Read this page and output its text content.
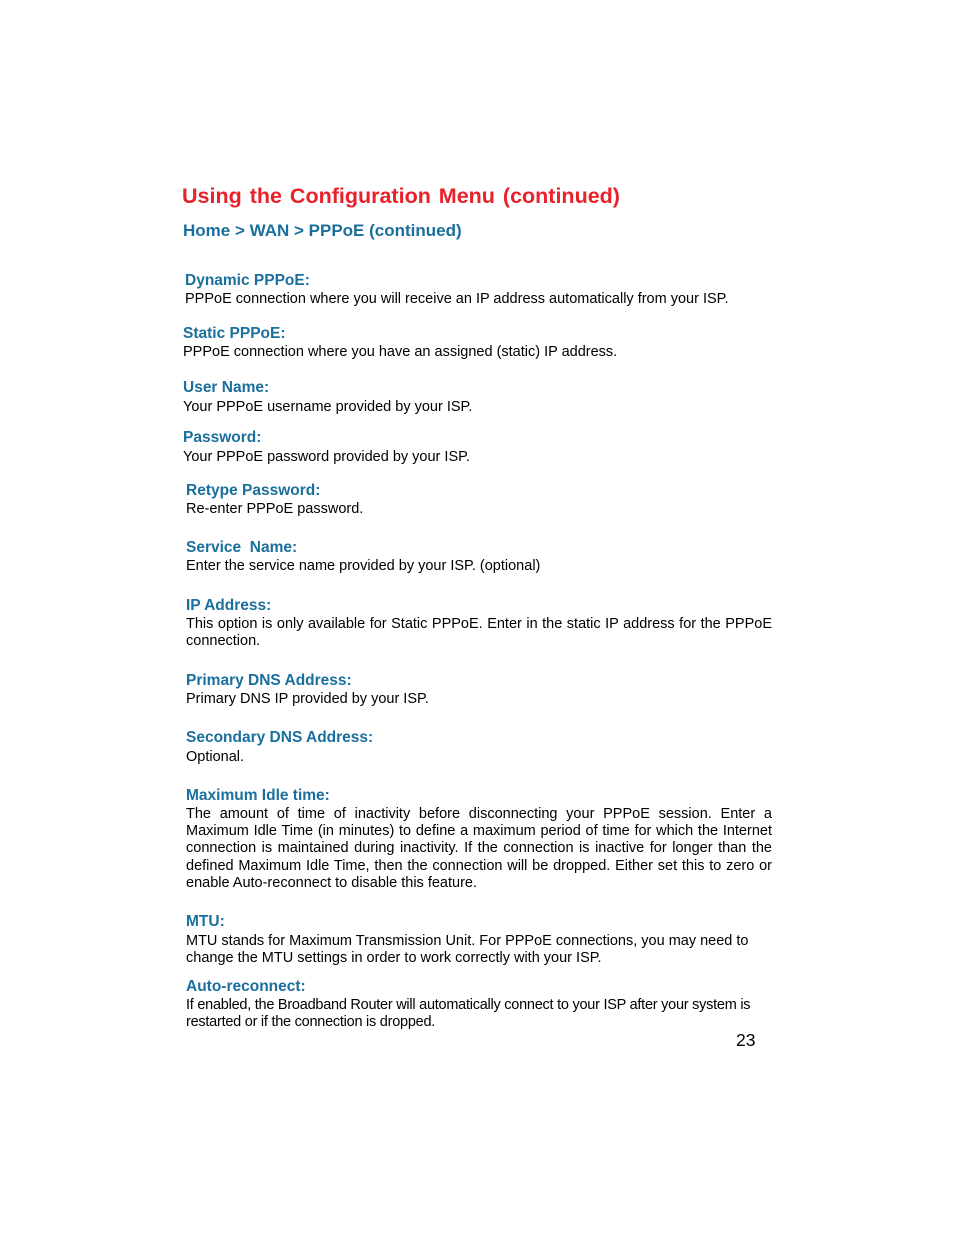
Using the Configuration Menu (continued)
Home > WAN > PPPoE (continued)
Dynamic PPPoE:

PPPoE connection where you will receive an IP address automatically from your ISP.

Static PPPoE:

PPPoE connection where you have an assigned (static) IP address.

User Name:

Your PPPoE username provided by your ISP.

Password:

Your PPPoE password provided by your ISP.

Retype Password:

Re-enter PPPoE password.

Service  Name:

Enter the service name provided by your ISP. (optional)

IP Address:

This option is only available for Static PPPoE. Enter in the static IP address for the PPPoE connection.

Primary DNS Address:

Primary DNS IP provided by your ISP.

Secondary DNS Address:

Optional.

Maximum Idle time:

The amount of time of inactivity before disconnecting your PPPoE session. Enter a Maximum Idle Time (in minutes) to define a maximum period of time for which the Internet connection is maintained during inactivity. If the connection is inactive for longer than the defined Maximum Idle Time, then the connection will be dropped. Either set this to zero or enable Auto-reconnect to disable this feature.

MTU:

MTU stands for Maximum Transmission Unit. For PPPoE connections, you may need to change the MTU settings in order to work correctly with your ISP.

Auto-reconnect:

If enabled, the Broadband Router will automatically connect to your ISP after your system is restarted or if the connection is dropped.

23
